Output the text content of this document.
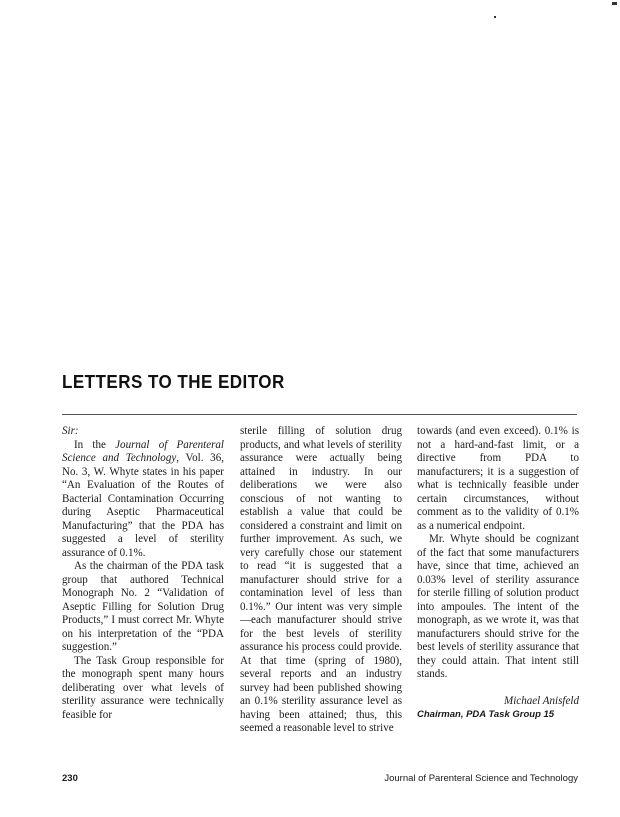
LETTERS TO THE EDITOR

Sir:

In the Journal of Parenteral Science and Technology, Vol. 36, No. 3, W. Whyte states in his paper “An Evaluation of the Routes of Bacterial Contamination Occurring during Aseptic Pharmaceutical Manufacturing” that the PDA has suggested a level of sterility assurance of 0.1%.

As the chairman of the PDA task group that authored Technical Monograph No. 2 “Validation of Aseptic Filling for Solution Drug Products,” I must correct Mr. Whyte on his interpretation of the “PDA suggestion.”

The Task Group responsible for the monograph spent many hours deliberating over what levels of sterility assurance were technically feasible for

sterile filling of solution drug products, and what levels of sterility assurance were actually being attained in industry. In our deliberations we were also conscious of not wanting to establish a value that could be considered a constraint and limit on further improvement. As such, we very carefully chose our statement to read “it is suggested that a manufacturer should strive for a contamination level of less than 0.1%.” Our intent was very simple—each manufacturer should strive for the best levels of sterility assurance his process could provide. At that time (spring of 1980), several reports and an industry survey had been published showing an 0.1% sterility assurance level as having been attained; thus, this seemed a reasonable level to strive

towards (and even exceed). 0.1% is not a hard-and-fast limit, or a directive from PDA to manufacturers; it is a suggestion of what is technically feasible under certain circumstances, without comment as to the validity of 0.1% as a numerical endpoint.

Mr. Whyte should be cognizant of the fact that some manufacturers have, since that time, achieved an 0.03% level of sterility assurance for sterile filling of solution product into ampoules. The intent of the monograph, as we wrote it, was that manufacturers should strive for the best levels of sterility assurance that they could attain. That intent still stands.

Michael Anisfeld

Chairman, PDA Task Group 15

230	Journal of Parenteral Science and Technology
